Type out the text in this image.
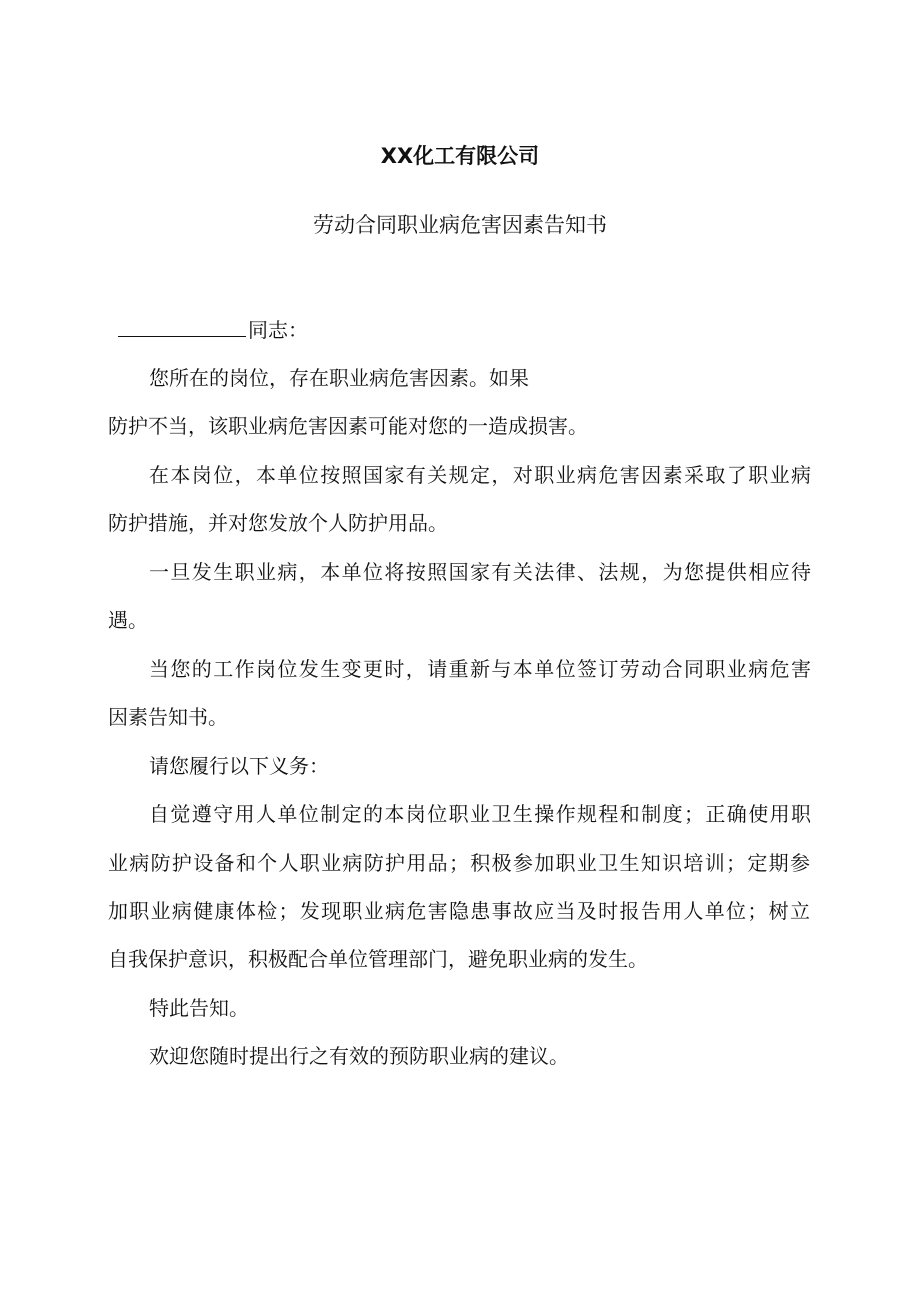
XX化工有限公司
劳动合同职业病危害因素告知书
同志：
您所在的岗位，存在职业病危害因素。如果
防护不当，该职业病危害因素可能对您的一造成损害。
在本岗位，本单位按照国家有关规定，对职业病危害因素采取了职业病
防护措施，并对您发放个人防护用品。
一旦发生职业病，本单位将按照国家有关法律、法规，为您提供相应待
遇。
当您的工作岗位发生变更时，请重新与本单位签订劳动合同职业病危害
因素告知书。
请您履行以下义务：
自觉遵守用人单位制定的本岗位职业卫生操作规程和制度；正确使用职
业病防护设备和个人职业病防护用品；积极参加职业卫生知识培训；定期参
加职业病健康体检；发现职业病危害隐患事故应当及时报告用人单位；树立
自我保护意识，积极配合单位管理部门，避免职业病的发生。
特此告知。
欢迎您随时提出行之有效的预防职业病的建议。
